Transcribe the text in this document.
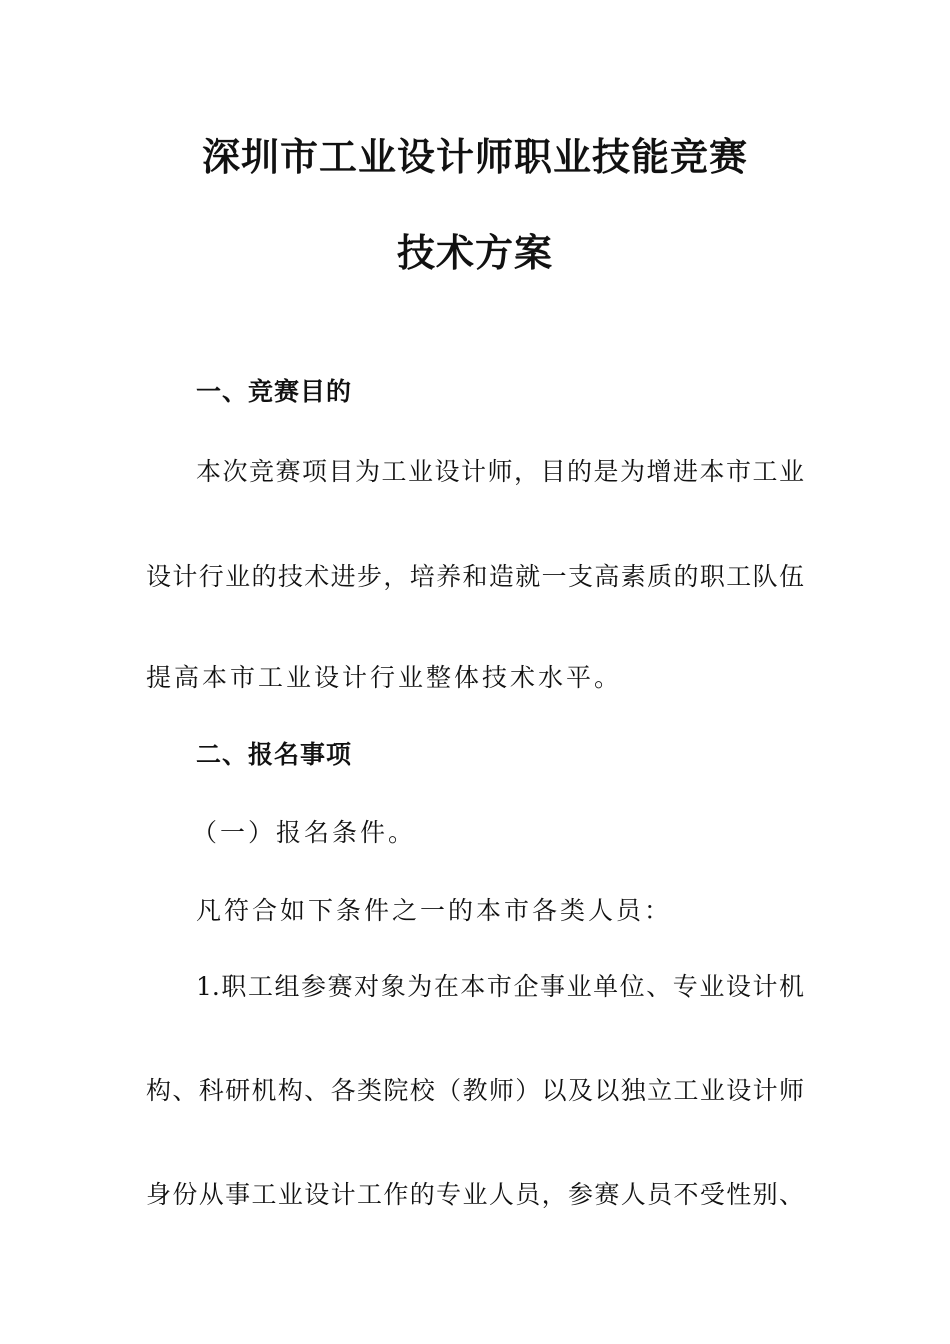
深圳市工业设计师职业技能竞赛
技术方案
一、竞赛目的
本次竞赛项目为工业设计师，目的是为增进本市工业
设计行业的技术进步，培养和造就一支高素质的职工队伍
提高本市工业设计行业整体技术水平。
二、报名事项
（一）报名条件。
凡符合如下条件之一的本市各类人员：
1.职工组参赛对象为在本市企事业单位、专业设计机
构、科研机构、各类院校（教师）以及以独立工业设计师
身份从事工业设计工作的专业人员，参赛人员不受性别、
